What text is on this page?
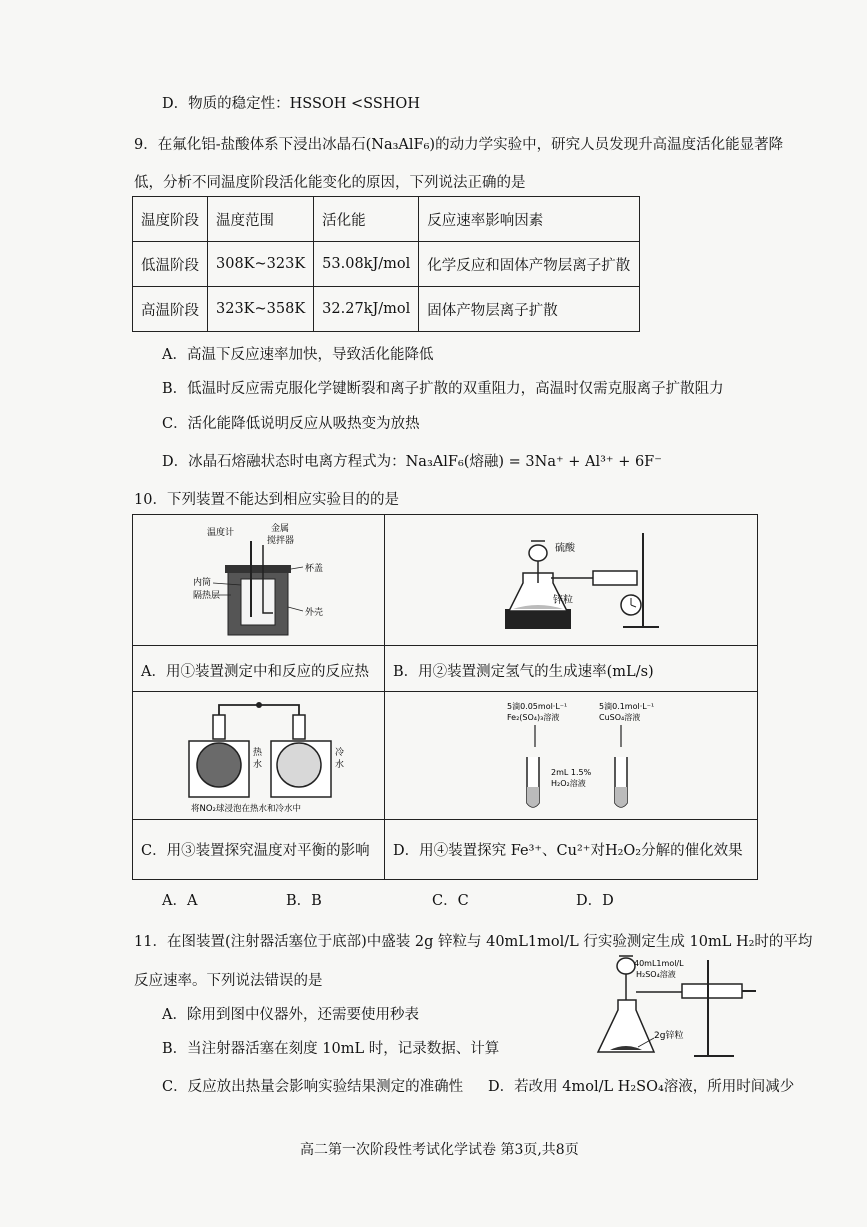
D．物质的稳定性：HSSOH <SSHOH
9．在氟化铝-盐酸体系下浸出冰晶石(Na₃AlF₆)的动力学实验中，研究人员发现升高温度活化能显著降
低，分析不同温度阶段活化能变化的原因，下列说法正确的是
温度阶段	温度范围	活化能	反应速率影响因素
低温阶段	308K~323K	53.08kJ/mol	化学反应和固体产物层离子扩散
高温阶段	323K~358K	32.27kJ/mol	固体产物层离子扩散
A．高温下反应速率加快，导致活化能降低
B．低温时反应需克服化学键断裂和离子扩散的双重阻力，高温时仅需克服离子扩散阻力
C．活化能降低说明反应从吸热变为放热
D．冰晶石熔融状态时电离方程式为：Na₃AlF₆(熔融) = 3Na⁺ + Al³⁺ + 6F⁻
10．下列装置不能达到相应实验目的的是
温度计	金属
搅拌器
内筒
隔热层
杯盖
外壳
硫酸
锌粒
A．用①装置测定中和反应的反应热 B．用②装置测定氢气的生成速率(mL/s)
热
水
冷
水
将NO₂球浸泡在热水和冷水中
5滴0.05mol·L⁻¹
Fe₂(SO₄)₃溶液
5滴0.1mol·L⁻¹
CuSO₄溶液
2mL 1.5%
H₂O₂溶液
C．用③装置探究温度对平衡的影响 D．用④装置探究 Fe³⁺、Cu²⁺对H₂O₂分解的催化效果
A．A	B．B	C．C	D．D
11．在图装置(注射器活塞位于底部)中盛装 2g 锌粒与 40mL1mol/L 行实验测定生成 10mL H₂时的平均
反应速率。下列说法错误的是
A．除用到图中仪器外，还需要使用秒表
B．当注射器活塞在刻度 10mL 时，记录数据、计算
C．反应放出热量会影响实验结果测定的准确性 D．若改用 4mol/L H₂SO₄溶液，所用时间减少
40mL1mol/L
H₂SO₄溶液
2g锌粒
高二第一次阶段性考试化学试卷 第3页,共8页
